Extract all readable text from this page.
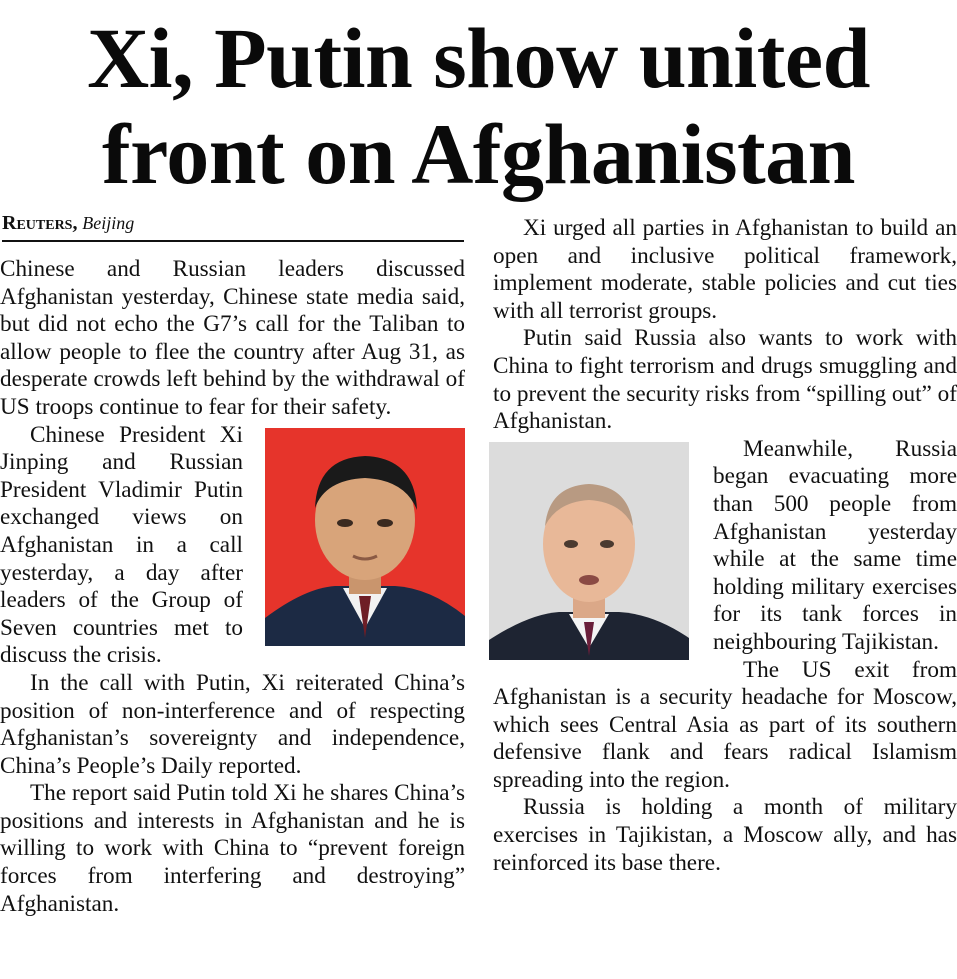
Xi, Putin show united front on Afghanistan
Reuters, Beijing

Chinese and Russian leaders discussed Afghanistan yesterday, Chinese state media said, but did not echo the G7’s call for the Taliban to allow people to flee the country after Aug 31, as desperate crowds left behind by the withdrawal of US troops continue to fear for their safety.

Chinese President Xi Jinping and Russian President Vladimir Putin exchanged views on Afghanistan in a call yesterday, a day after leaders of the Group of Seven countries met to discuss the crisis.

In the call with Putin, Xi reiterated China’s position of non-interference and of respecting Afghanistan’s sovereignty and independence, China’s People’s Daily reported.

The report said Putin told Xi he shares China’s positions and interests in Afghanistan and he is willing to work with China to “prevent foreign forces from interfering and destroying” Afghanistan.

Xi urged all parties in Afghanistan to build an open and inclusive political framework, implement moderate, stable policies and cut ties with all terrorist groups.

Putin said Russia also wants to work with China to fight terrorism and drugs smuggling and to prevent the security risks from “spilling out” of Afghanistan.

Meanwhile, Russia began evacuating more than 500 people from Afghanistan yesterday while at the same time holding military exercises for its tank forces in neighbouring Tajikistan.

The US exit from Afghanistan is a security headache for Moscow, which sees Central Asia as part of its southern defensive flank and fears radical Islamism spreading into the region.

Russia is holding a month of military exercises in Tajikistan, a Moscow ally, and has reinforced its base there.
